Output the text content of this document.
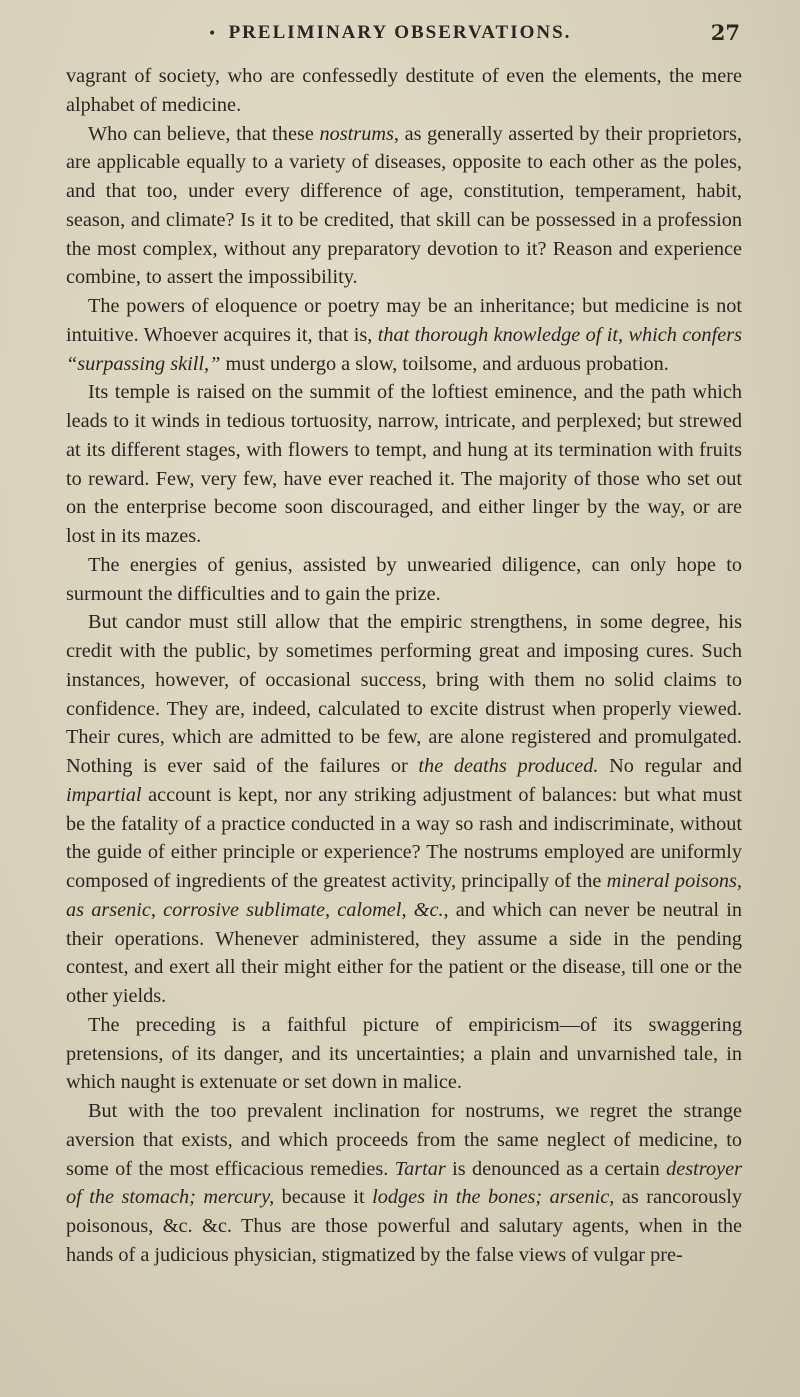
• PRELIMINARY OBSERVATIONS.	27

vagrant of society, who are confessedly destitute of even the elements, the mere alphabet of medicine.

Who can believe, that these nostrums, as generally asserted by their proprietors, are applicable equally to a variety of diseases, opposite to each other as the poles, and that too, under every difference of age, constitution, temperament, habit, season, and climate? Is it to be credited, that skill can be possessed in a profession the most complex, without any preparatory devotion to it? Reason and experience combine, to assert the impossibility.

The powers of eloquence or poetry may be an inheritance; but medicine is not intuitive. Whoever acquires it, that is, that thorough knowledge of it, which confers “surpassing skill,” must undergo a slow, toilsome, and arduous probation.

Its temple is raised on the summit of the loftiest eminence, and the path which leads to it winds in tedious tortuosity, narrow, intricate, and perplexed; but strewed at its different stages, with flowers to tempt, and hung at its termination with fruits to reward. Few, very few, have ever reached it. The majority of those who set out on the enterprise become soon discouraged, and either linger by the way, or are lost in its mazes.

The energies of genius, assisted by unwearied diligence, can only hope to surmount the difficulties and to gain the prize.

But candor must still allow that the empiric strengthens, in some degree, his credit with the public, by sometimes performing great and imposing cures. Such instances, however, of occasional success, bring with them no solid claims to confidence. They are, indeed, calculated to excite distrust when properly viewed. Their cures, which are admitted to be few, are alone registered and promulgated. Nothing is ever said of the failures or the deaths produced. No regular and impartial account is kept, nor any striking adjustment of balances: but what must be the fatality of a practice conducted in a way so rash and indiscriminate, without the guide of either principle or experience? The nostrums employed are uniformly composed of ingredients of the greatest activity, principally of the mineral poisons, as arsenic, corrosive sublimate, calomel, &c., and which can never be neutral in their operations. Whenever administered, they assume a side in the pending contest, and exert all their might either for the patient or the disease, till one or the other yields.

The preceding is a faithful picture of empiricism—of its swaggering pretensions, of its danger, and its uncertainties; a plain and unvarnished tale, in which naught is extenuate or set down in malice.

But with the too prevalent inclination for nostrums, we regret the strange aversion that exists, and which proceeds from the same neglect of medicine, to some of the most efficacious remedies. Tartar is denounced as a certain destroyer of the stomach; mercury, because it lodges in the bones; arsenic, as rancorously poisonous, &c. &c. Thus are those powerful and salutary agents, when in the hands of a judicious physician, stigmatized by the false views of vulgar pre-
